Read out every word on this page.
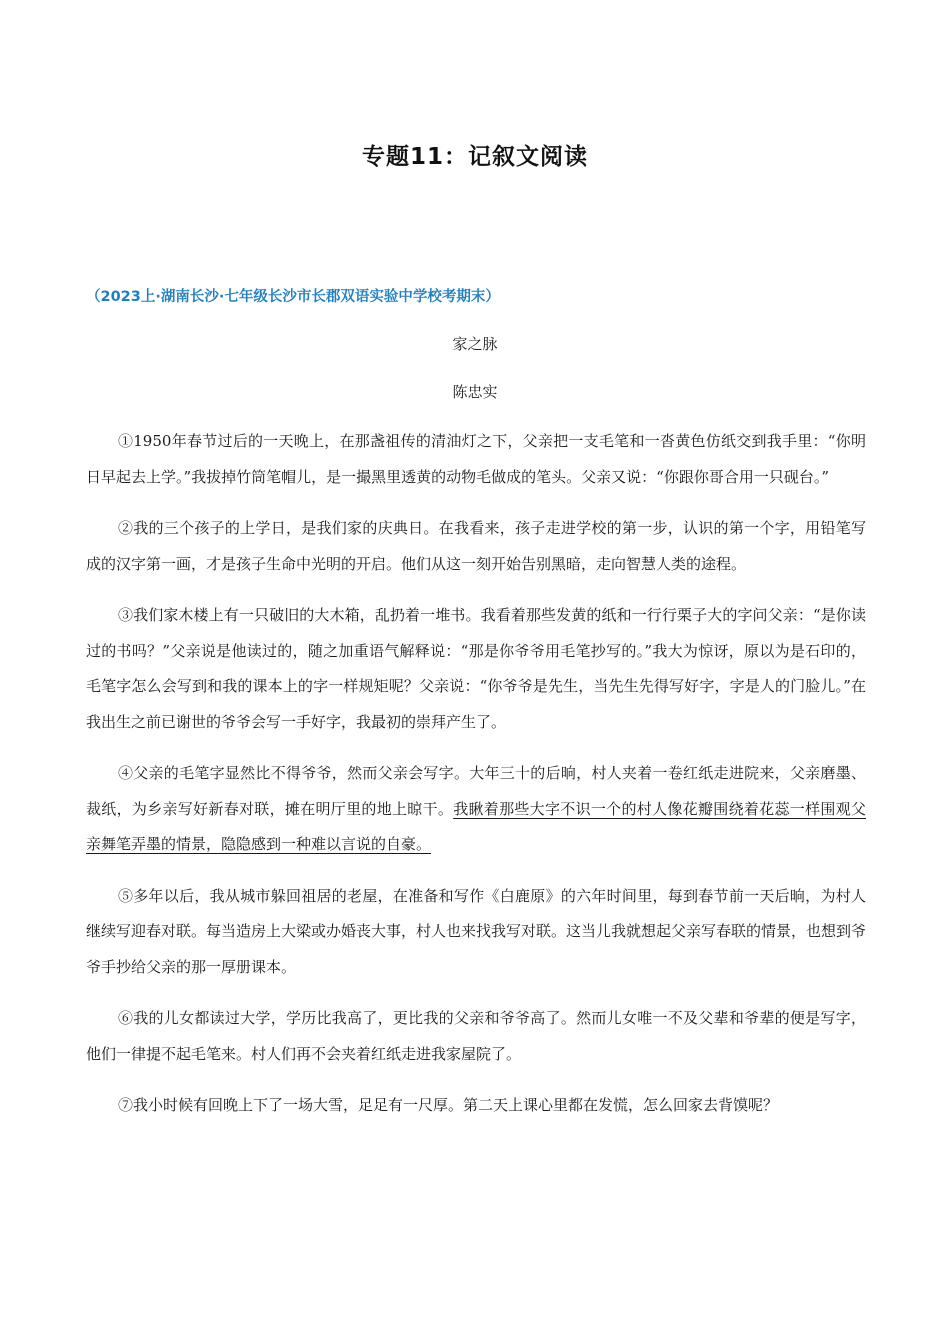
专题11：记叙文阅读
（2023上·湖南长沙·七年级长沙市长郡双语实验中学校考期末）
家之脉
陈忠实

①1950年春节过后的一天晚上，在那盏祖传的清油灯之下，父亲把一支毛笔和一沓黄色仿纸交到我手里：“你明日早起去上学。”我拔掉竹筒笔帽儿，是一撮黑里透黄的动物毛做成的笔头。父亲又说：“你跟你哥合用一只砚台。”

②我的三个孩子的上学日，是我们家的庆典日。在我看来，孩子走进学校的第一步，认识的第一个字，用铅笔写成的汉字第一画，才是孩子生命中光明的开启。他们从这一刻开始告别黑暗，走向智慧人类的途程。

③我们家木楼上有一只破旧的大木箱，乱扔着一堆书。我看着那些发黄的纸和一行行栗子大的字问父亲：“是你读过的书吗？”父亲说是他读过的，随之加重语气解释说：“那是你爷爷用毛笔抄写的。”我大为惊讶，原以为是石印的，毛笔字怎么会写到和我的课本上的字一样规矩呢？父亲说：“你爷爷是先生，当先生先得写好字，字是人的门脸儿。”在我出生之前已谢世的爷爷会写一手好字，我最初的崇拜产生了。

④父亲的毛笔字显然比不得爷爷，然而父亲会写字。大年三十的后晌，村人夹着一卷红纸走进院来，父亲磨墨、裁纸，为乡亲写好新春对联，摊在明厅里的地上晾干。我瞅着那些大字不识一个的村人像花瓣围绕着花蕊一样围观父亲舞笔弄墨的情景，隐隐感到一种难以言说的自豪。

⑤多年以后，我从城市躲回祖居的老屋，在准备和写作《白鹿原》的六年时间里，每到春节前一天后晌，为村人继续写迎春对联。每当造房上大梁或办婚丧大事，村人也来找我写对联。这当儿我就想起父亲写春联的情景，也想到爷爷手抄给父亲的那一厚册课本。

⑥我的儿女都读过大学，学历比我高了，更比我的父亲和爷爷高了。然而儿女唯一不及父辈和爷辈的便是写字，他们一律提不起毛笔来。村人们再不会夹着红纸走进我家屋院了。

⑦我小时候有回晚上下了一场大雪，足足有一尺厚。第二天上课心里都在发慌，怎么回家去背馍呢？
